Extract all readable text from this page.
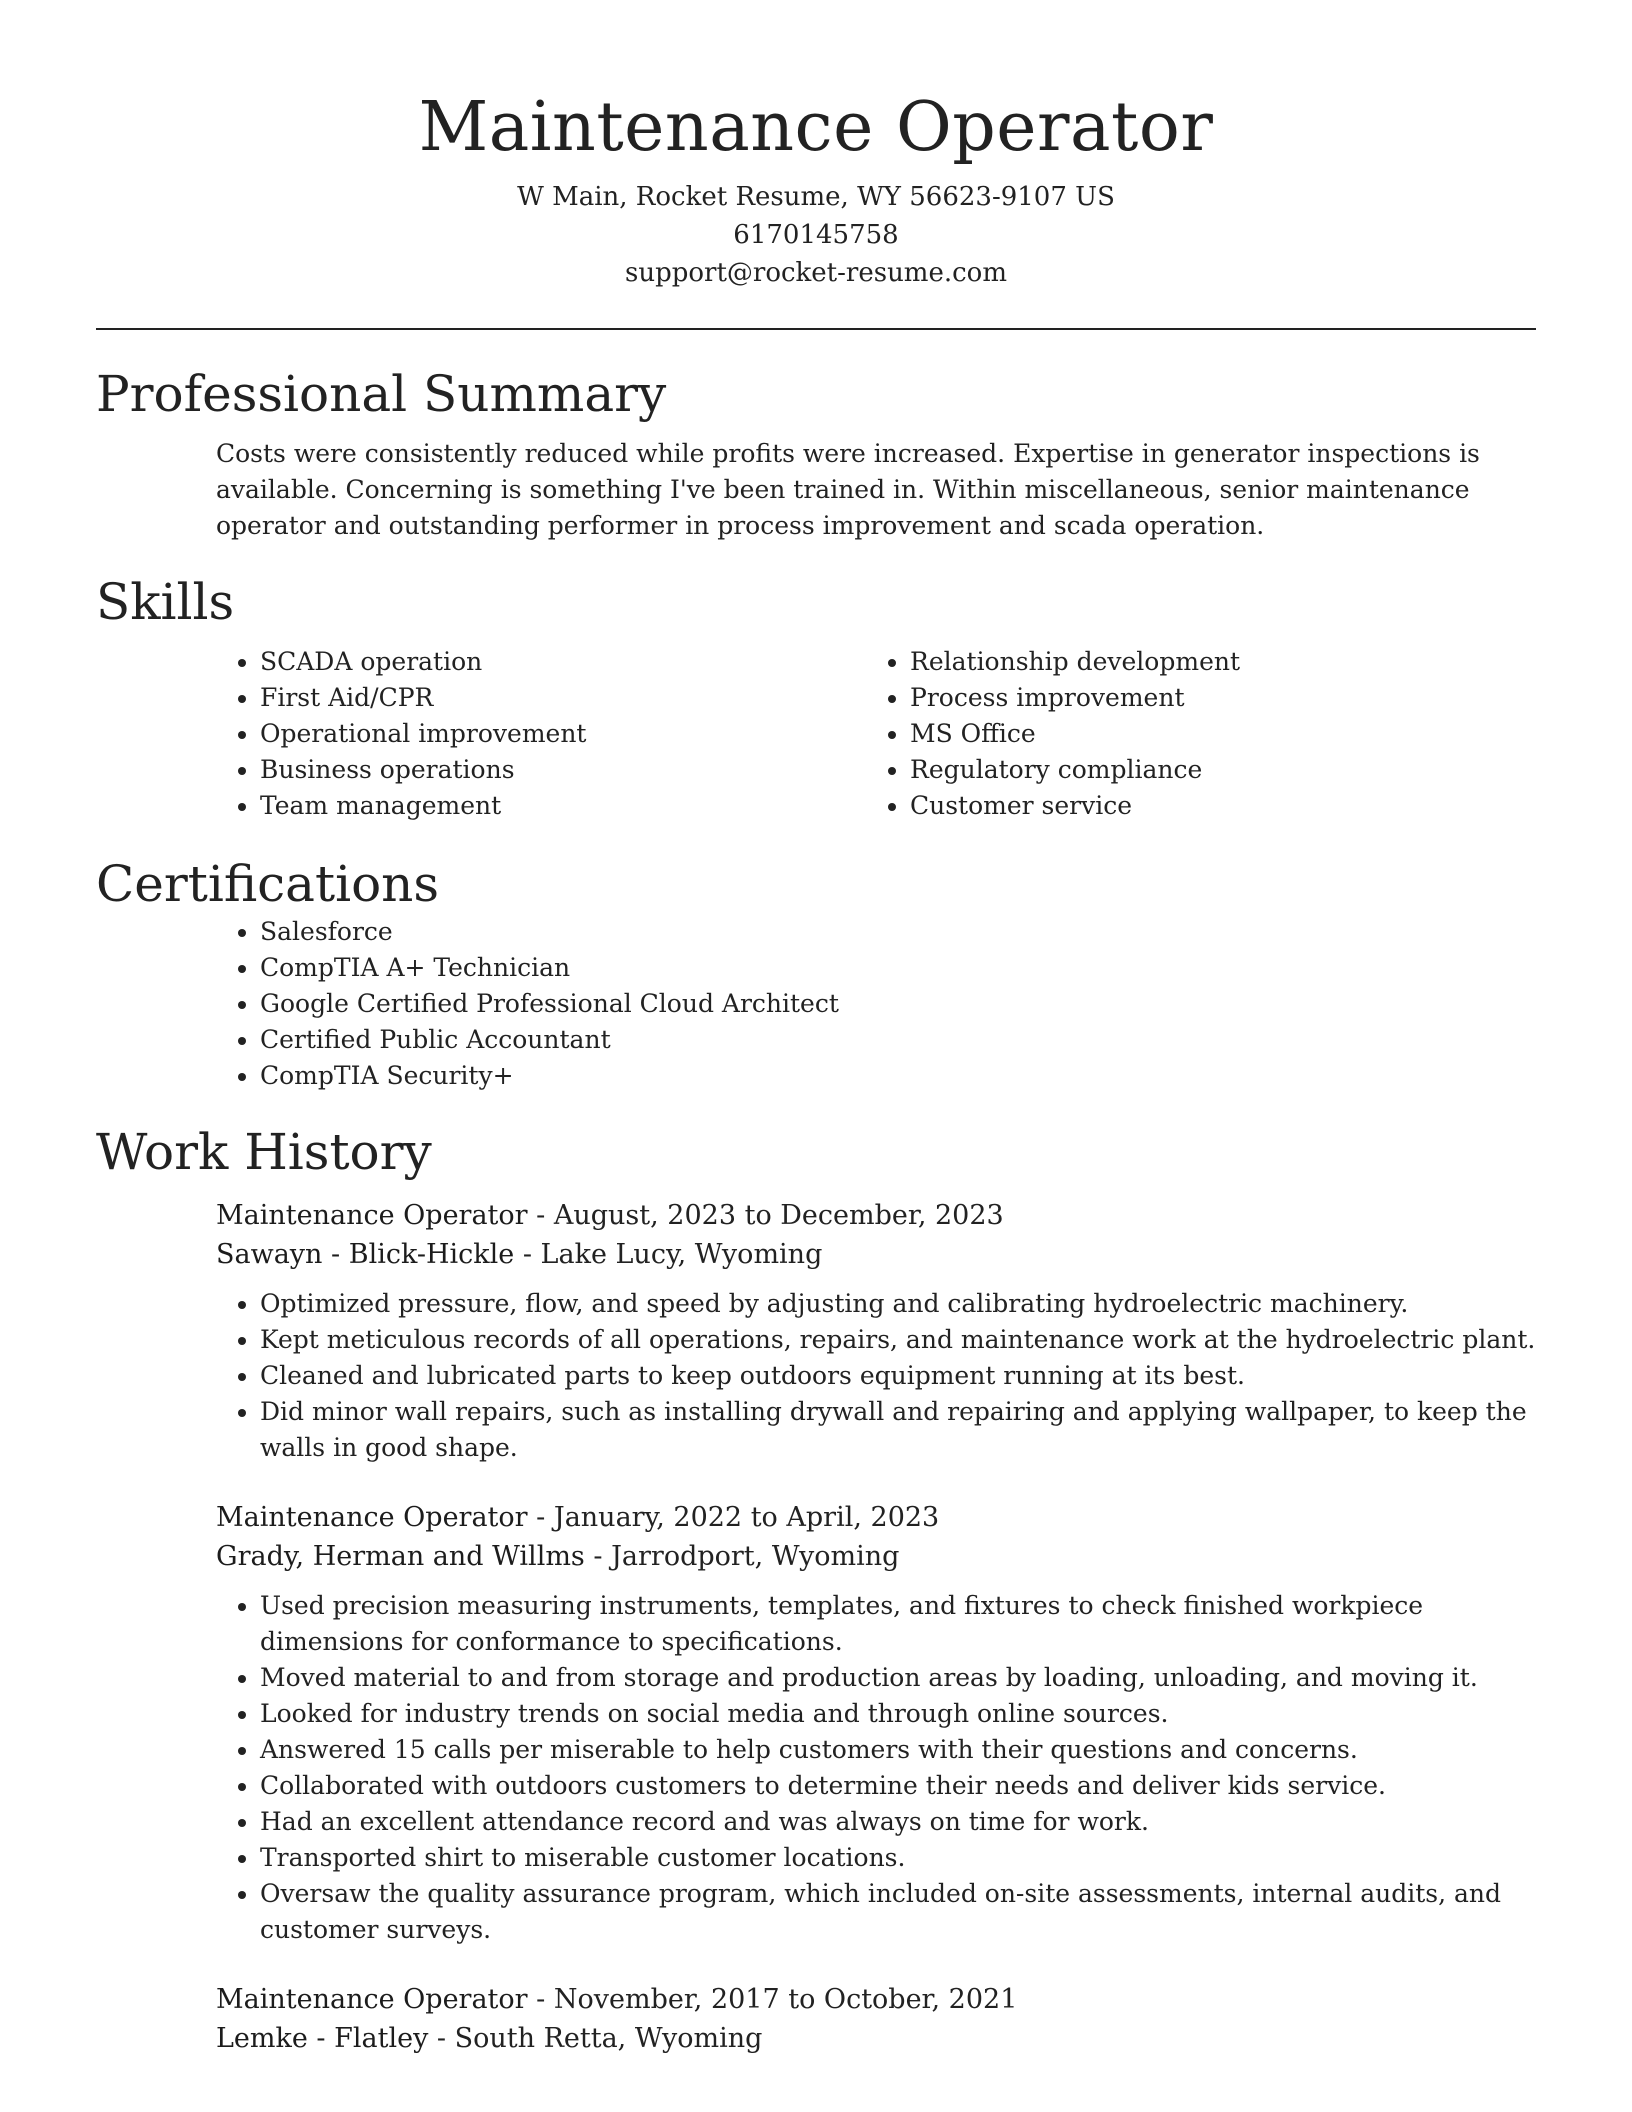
Maintenance Operator
W Main, Rocket Resume, WY 56623-9107 US
6170145758
support@rocket-resume.com
Professional Summary

Costs were consistently reduced while profits were increased. Expertise in generator inspections is available. Concerning is something I've been trained in. Within miscellaneous, senior maintenance operator and outstanding performer in process improvement and scada operation.

Skills
• SCADA operation
• First Aid/CPR
• Operational improvement
• Business operations
• Team management
• Relationship development
• Process improvement
• MS Office
• Regulatory compliance
• Customer service
Certifications
• Salesforce
• CompTIA A+ Technician
• Google Certified Professional Cloud Architect
• Certified Public Accountant
• CompTIA Security+
Work History
Maintenance Operator - August, 2023 to December, 2023
Sawayn - Blick-Hickle - Lake Lucy, Wyoming
• Optimized pressure, flow, and speed by adjusting and calibrating hydroelectric machinery.
• Kept meticulous records of all operations, repairs, and maintenance work at the hydroelectric plant.
• Cleaned and lubricated parts to keep outdoors equipment running at its best.
• Did minor wall repairs, such as installing drywall and repairing and applying wallpaper, to keep the walls in good shape.
Maintenance Operator - January, 2022 to April, 2023
Grady, Herman and Willms - Jarrodport, Wyoming
• Used precision measuring instruments, templates, and fixtures to check finished workpiece dimensions for conformance to specifications.
• Moved material to and from storage and production areas by loading, unloading, and moving it.
• Looked for industry trends on social media and through online sources.
• Answered 15 calls per miserable to help customers with their questions and concerns.
• Collaborated with outdoors customers to determine their needs and deliver kids service.
• Had an excellent attendance record and was always on time for work.
• Transported shirt to miserable customer locations.
• Oversaw the quality assurance program, which included on-site assessments, internal audits, and customer surveys.
Maintenance Operator - November, 2017 to October, 2021
Lemke - Flatley - South Retta, Wyoming
